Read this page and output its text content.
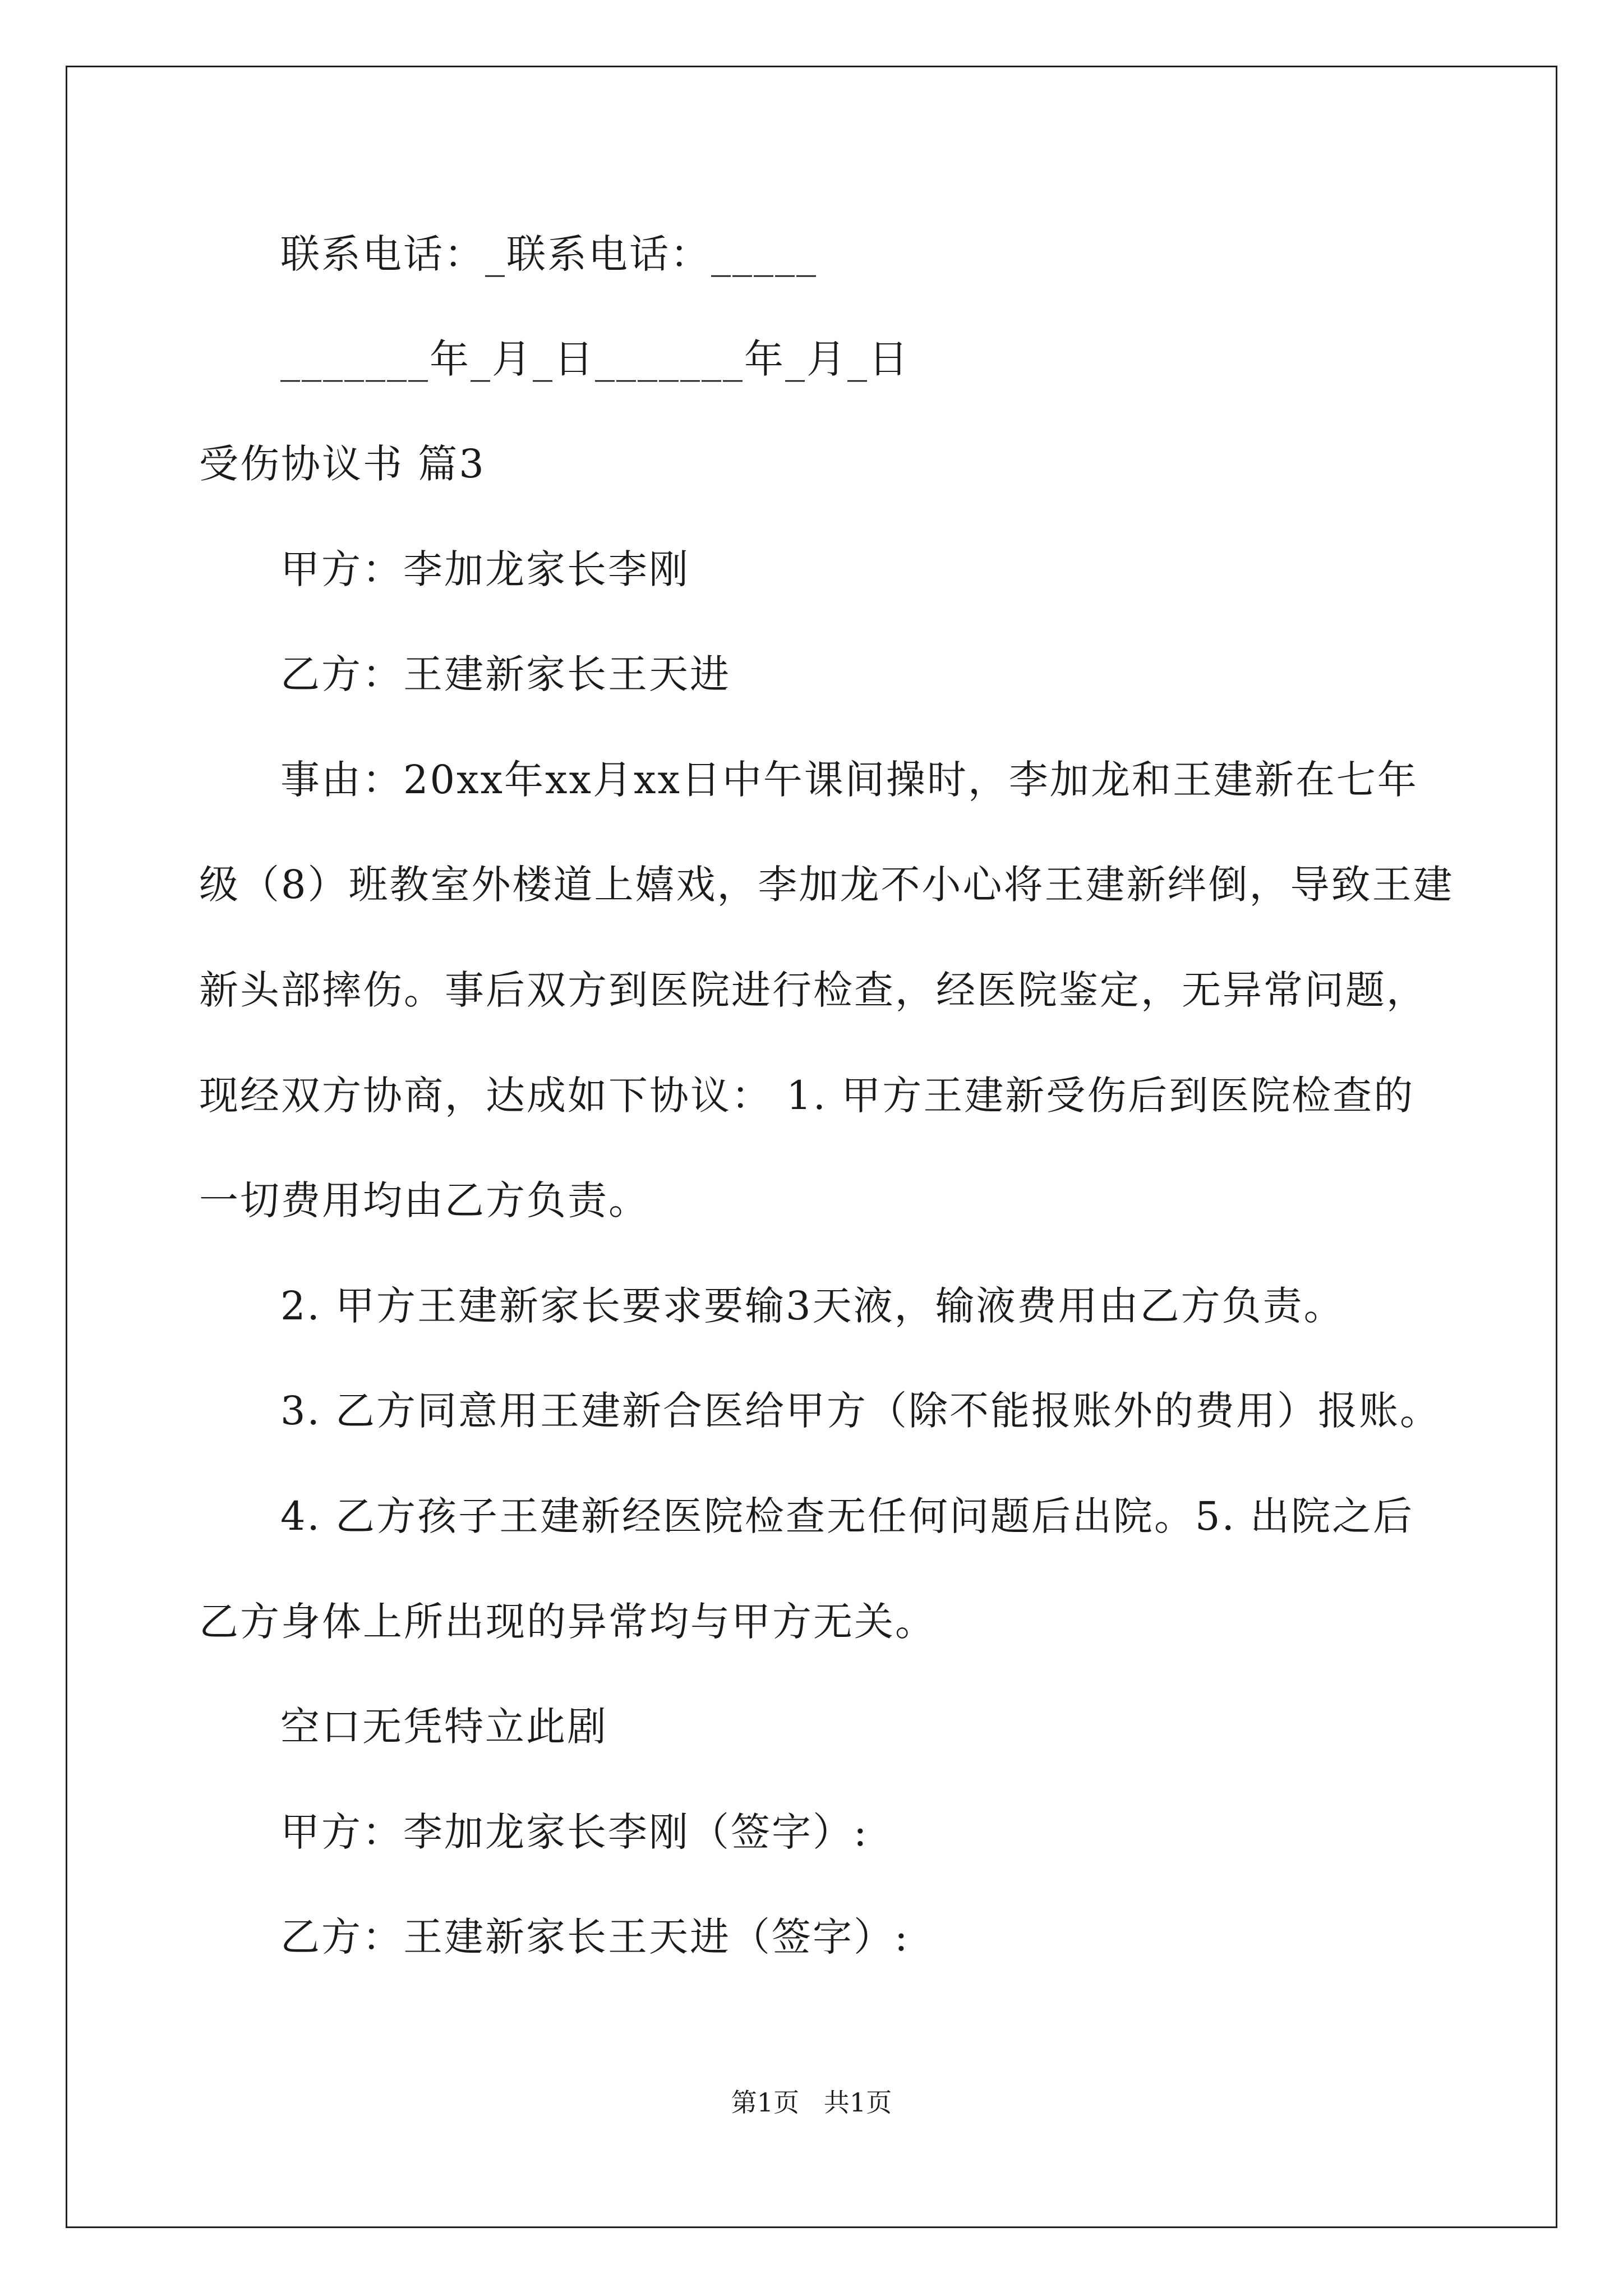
联系电话：_联系电话：_____
_______年_月_日_______年_月_日
受伤协议书 篇3
甲方：李加龙家长李刚
乙方：王建新家长王天进
事由：20xx年xx月xx日中午课间操时，李加龙和王建新在七年
级（8）班教室外楼道上嬉戏，李加龙不小心将王建新绊倒，导致王建
新头部摔伤。事后双方到医院进行检查，经医院鉴定，无异常问题，
现经双方协商，达成如下协议： 1. 甲方王建新受伤后到医院检查的
一切费用均由乙方负责。
2. 甲方王建新家长要求要输3天液，输液费用由乙方负责。
3. 乙方同意用王建新合医给甲方（除不能报账外的费用）报账。
4. 乙方孩子王建新经医院检查无任何问题后出院。5. 出院之后
乙方身体上所出现的异常均与甲方无关。
空口无凭特立此剧
甲方：李加龙家长李刚（签字）:
乙方：王建新家长王天进（签字）:
第1页   共1页
